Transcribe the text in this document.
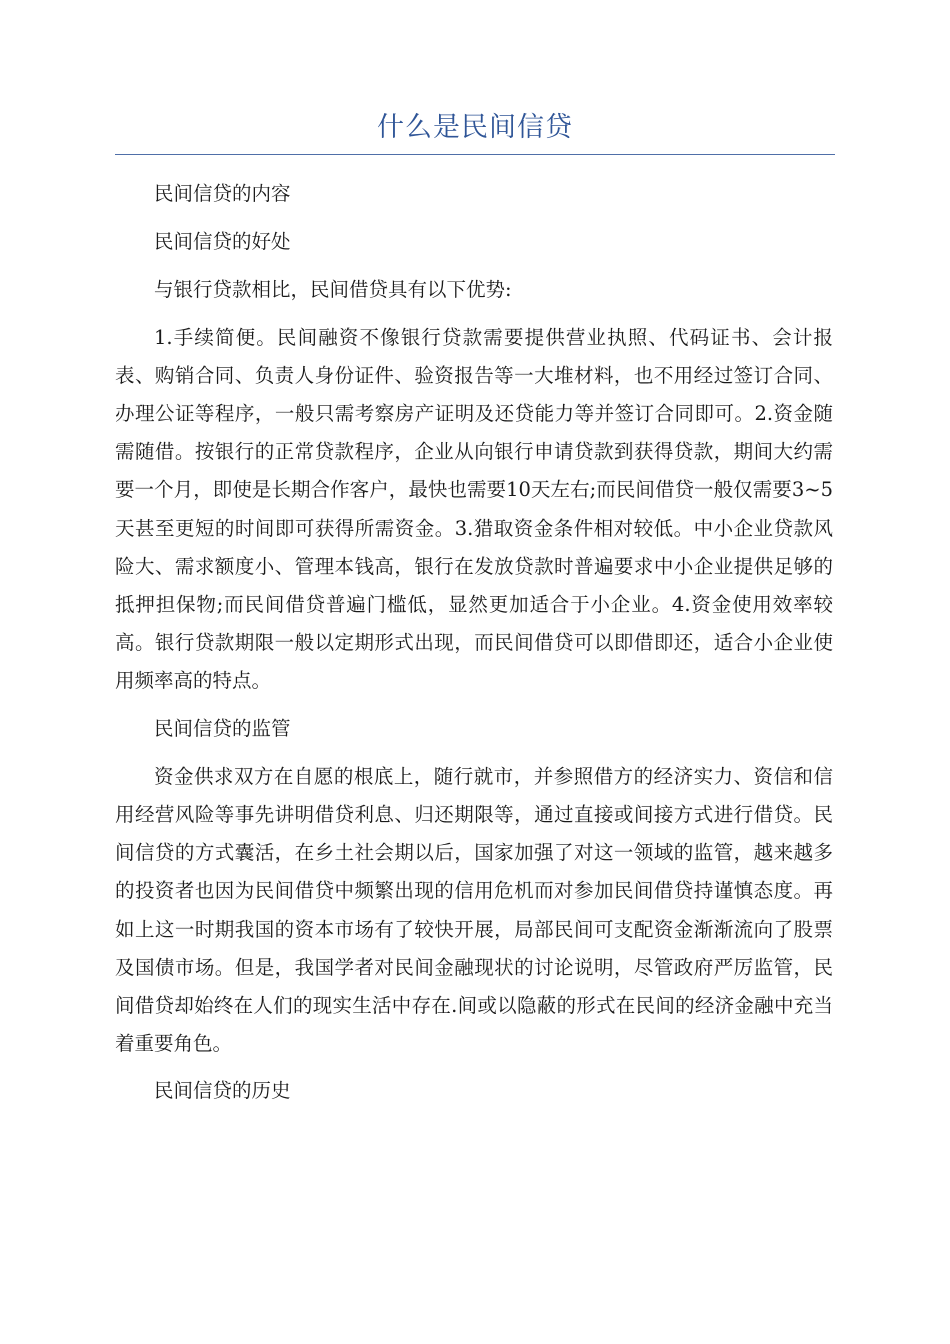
什么是民间信贷

民间信贷的内容

民间信贷的好处

与银行贷款相比，民间借贷具有以下优势:

1.手续简便。民间融资不像银行贷款需要提供营业执照、代码证书、会计报表、购销合同、负责人身份证件、验资报告等一大堆材料，也不用经过签订合同、办理公证等程序，一般只需考察房产证明及还贷能力等并签订合同即可。2.资金随需随借。按银行的正常贷款程序，企业从向银行申请贷款到获得贷款，期间大约需要一个月，即使是长期合作客户，最快也需要10天左右;而民间借贷一般仅需要3~5天甚至更短的时间即可获得所需资金。3.猎取资金条件相对较低。中小企业贷款风险大、需求额度小、管理本钱高，银行在发放贷款时普遍要求中小企业提供足够的抵押担保物;而民间借贷普遍门槛低，显然更加适合于小企业。4.资金使用效率较高。银行贷款期限一般以定期形式出现，而民间借贷可以即借即还，适合小企业使用频率高的特点。

民间信贷的监管

资金供求双方在自愿的根底上，随行就市，并参照借方的经济实力、资信和信用经营风险等事先讲明借贷利息、归还期限等，通过直接或间接方式进行借贷。民间信贷的方式囊活，在乡土社会期以后，国家加强了对这一领域的监管，越来越多的投资者也因为民间借贷中频繁出现的信用危机而对参加民间借贷持谨慎态度。再如上这一时期我国的资本市场有了较快开展，局部民间可支配资金渐渐流向了股票及国债市场。但是，我国学者对民间金融现状的讨论说明，尽管政府严厉监管，民间借贷却始终在人们的现实生活中存在.间或以隐蔽的形式在民间的经济金融中充当着重要角色。

民间信贷的历史
